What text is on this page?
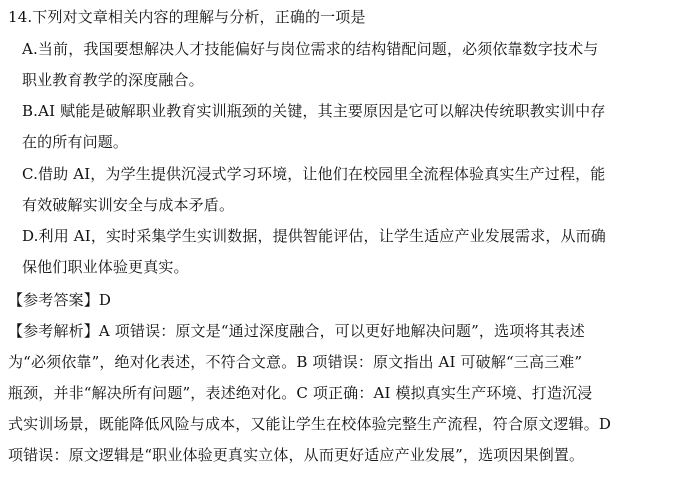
14.下列对文章相关内容的理解与分析，正确的一项是
A.当前，我国要想解决人才技能偏好与岗位需求的结构错配问题，必须依靠数字技术与
职业教育教学的深度融合。
B.AI 赋能是破解职业教育实训瓶颈的关键，其主要原因是它可以解决传统职教实训中存
在的所有问题。
C.借助 AI，为学生提供沉浸式学习环境，让他们在校园里全流程体验真实生产过程，能
有效破解实训安全与成本矛盾。
D.利用 AI，实时采集学生实训数据，提供智能评估，让学生适应产业发展需求，从而确
保他们职业体验更真实。
【参考答案】D
【参考解析】A 项错误：原文是“通过深度融合，可以更好地解决问题”，选项将其表述
为“必须依靠”，绝对化表述，不符合文意。B 项错误：原文指出 AI 可破解“三高三难”
瓶颈，并非“解决所有问题”，表述绝对化。C 项正确：AI 模拟真实生产环境、打造沉浸
式实训场景，既能降低风险与成本，又能让学生在校体验完整生产流程，符合原文逻辑。D
项错误：原文逻辑是“职业体验更真实立体，从而更好适应产业发展”，选项因果倒置。
